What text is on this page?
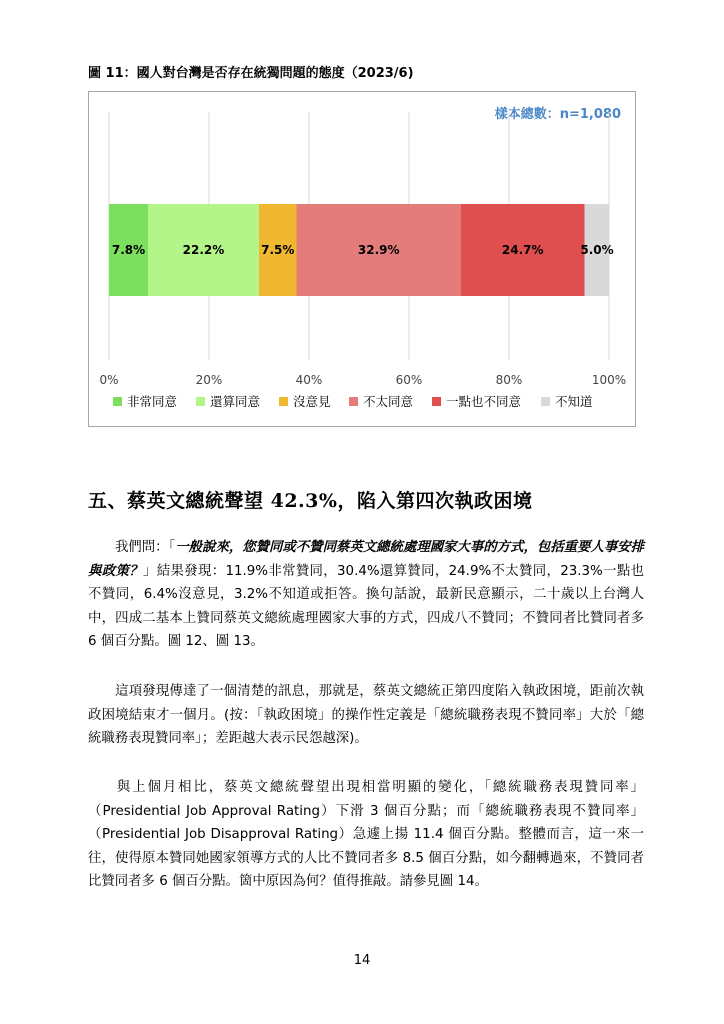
圖 11：國人對台灣是否存在統獨問題的態度（2023/6)
樣本總數：n=1,080
7.8%	22.2%	7.5%	32.9%	24.7%	5.0%
0%	20%	40%	60%	80%	100%
非常同意	還算同意	沒意見	不太同意	一點也不同意	不知道
五、蔡英文總統聲望 42.3%，陷入第四次執政困境
我們問：「一般說來，您贊同或不贊同蔡英文總統處理國家大事的方式，包括重要人事安排與政策？」結果發現：11.9%非常贊同，30.4%還算贊同，24.9%不太贊同，23.3%一點也不贊同，6.4%沒意見，3.2%不知道或拒答。換句話說，最新民意顯示，二十歲以上台灣人中，四成二基本上贊同蔡英文總統處理國家大事的方式，四成八不贊同；不贊同者比贊同者多 6 個百分點。圖 12、圖 13。
這項發現傳達了一個清楚的訊息，那就是，蔡英文總統正第四度陷入執政困境，距前次執政困境結束才一個月。(按：「執政困境」的操作性定義是「總統職務表現不贊同率」大於「總統職務表現贊同率」；差距越大表示民怨越深)。
與上個月相比，蔡英文總統聲望出現相當明顯的變化，「總統職務表現贊同率」（Presidential Job Approval Rating）下滑 3 個百分點；而「總統職務表現不贊同率」（Presidential Job Disapproval Rating）急遽上揚 11.4 個百分點。整體而言，這一來一往，使得原本贊同她國家領導方式的人比不贊同者多 8.5 個百分點，如今翻轉過來，不贊同者比贊同者多 6 個百分點。箇中原因為何？值得推敲。請參見圖 14。
14
